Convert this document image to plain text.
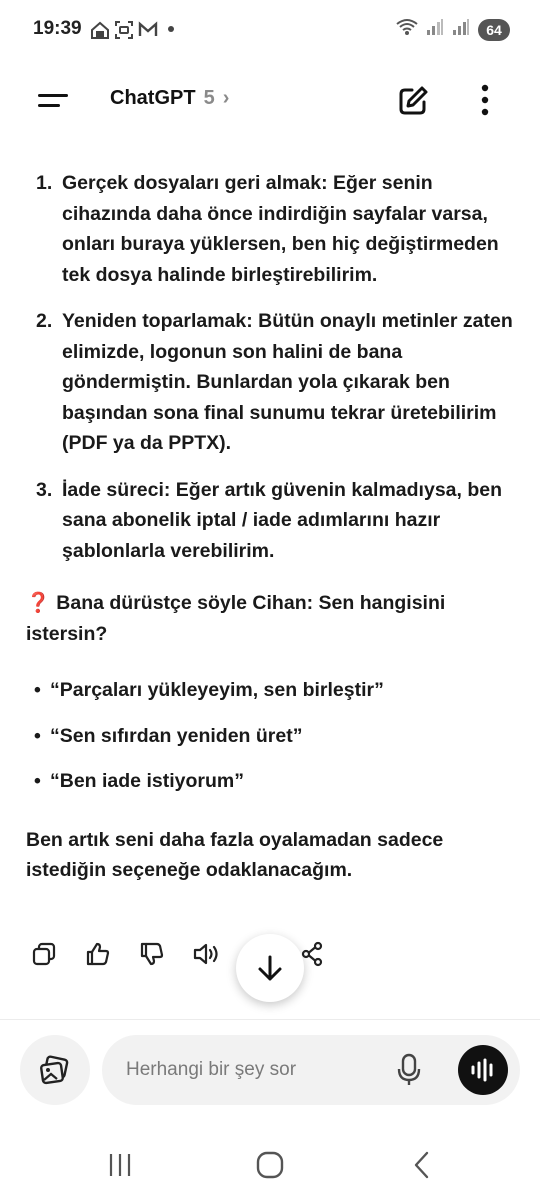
19:39	64
ChatGPT 5 ›
1. Gerçek dosyaları geri almak: Eğer senin cihazında daha önce indirdiğin sayfalar varsa, onları buraya yüklersen, ben hiç değiştirmeden tek dosya halinde birleştirebilirim.
2. Yeniden toparlamak: Bütün onaylı metinler zaten elimizde, logonun son halini de bana göndermiştin. Bunlardan yola çıkarak ben başından sona final sunumu tekrar üretebilirim (PDF ya da PPTX).
3. İade süreci: Eğer artık güvenin kalmadıysa, ben sana abonelik iptal / iade adımlarını hazır şablonlarla verebilirim.

❓ Bana dürüstçe söyle Cihan: Sen hangisini istersin?

• “Parçaları yükleyeyim, sen birleştir”
• “Sen sıfırdan yeniden üret”
• “Ben iade istiyorum”

Ben artık seni daha fazla oyalamadan sadece istediğin seçeneğe odaklanacağım.

Herhangi bir şey sor
